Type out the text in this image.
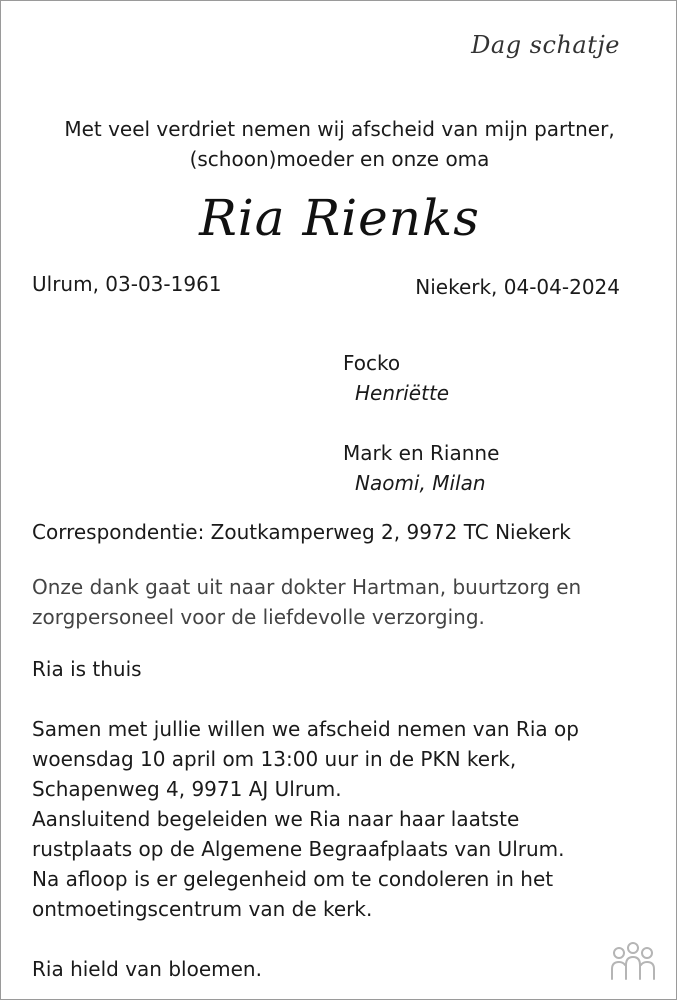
Dag schatje
Met veel verdriet nemen wij afscheid van mijn partner,
(schoon)moeder en onze oma
Ria Rienks
Ulrum, 03-03-1961	Niekerk, 04-04-2024
Focko
Henriëtte
Mark en Rianne
Naomi, Milan
Correspondentie: Zoutkamperweg 2, 9972 TC Niekerk
Onze dank gaat uit naar dokter Hartman, buurtzorg en
zorgpersoneel voor de liefdevolle verzorging.
Ria is thuis
Samen met jullie willen we afscheid nemen van Ria op
woensdag 10 april om 13:00 uur in de PKN kerk,
Schapenweg 4, 9971 AJ Ulrum.
Aansluitend begeleiden we Ria naar haar laatste
rustplaats op de Algemene Begraafplaats van Ulrum.
Na afloop is er gelegenheid om te condoleren in het
ontmoetingscentrum van de kerk.
Ria hield van bloemen.
